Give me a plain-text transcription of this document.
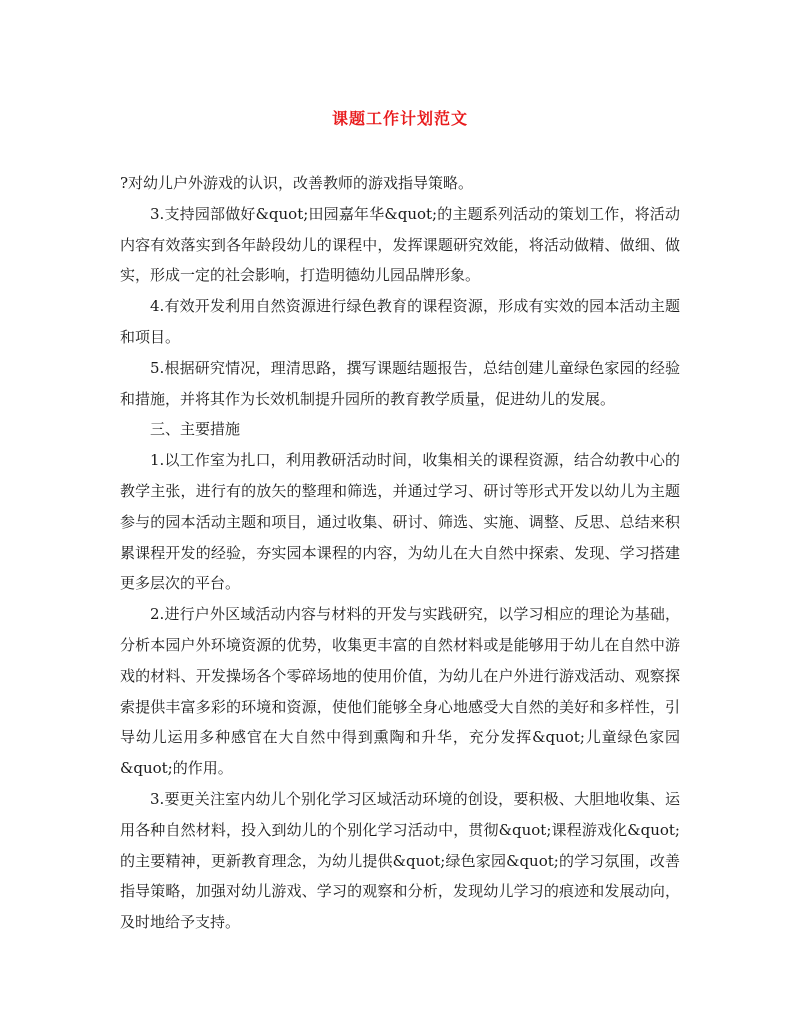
课题工作计划范文

?对幼儿户外游戏的认识，改善教师的游戏指导策略。

3.支持园部做好&quot;田园嘉年华&quot;的主题系列活动的策划工作，将活动内容有效落实到各年龄段幼儿的课程中，发挥课题研究效能，将活动做精、做细、做实，形成一定的社会影响，打造明德幼儿园品牌形象。

4.有效开发利用自然资源进行绿色教育的课程资源，形成有实效的园本活动主题和项目。

5.根据研究情况，理清思路，撰写课题结题报告，总结创建儿童绿色家园的经验和措施，并将其作为长效机制提升园所的教育教学质量，促进幼儿的发展。

三、主要措施

1.以工作室为扎口，利用教研活动时间，收集相关的课程资源，结合幼教中心的教学主张，进行有的放矢的整理和筛选，并通过学习、研讨等形式开发以幼儿为主题参与的园本活动主题和项目，通过收集、研讨、筛选、实施、调整、反思、总结来积累课程开发的经验，夯实园本课程的内容，为幼儿在大自然中探索、发现、学习搭建更多层次的平台。

2.进行户外区域活动内容与材料的开发与实践研究，以学习相应的理论为基础，分析本园户外环境资源的优势，收集更丰富的自然材料或是能够用于幼儿在自然中游戏的材料、开发操场各个零碎场地的使用价值，为幼儿在户外进行游戏活动、观察探索提供丰富多彩的环境和资源，使他们能够全身心地感受大自然的美好和多样性，引导幼儿运用多种感官在大自然中得到熏陶和升华，充分发挥&quot;儿童绿色家园&quot;的作用。

3.要更关注室内幼儿个别化学习区域活动环境的创设，要积极、大胆地收集、运用各种自然材料，投入到幼儿的个别化学习活动中，贯彻&quot;课程游戏化&quot;的主要精神，更新教育理念，为幼儿提供&quot;绿色家园&quot;的学习氛围，改善指导策略，加强对幼儿游戏、学习的观察和分析，发现幼儿学习的痕迹和发展动向，及时地给予支持。
